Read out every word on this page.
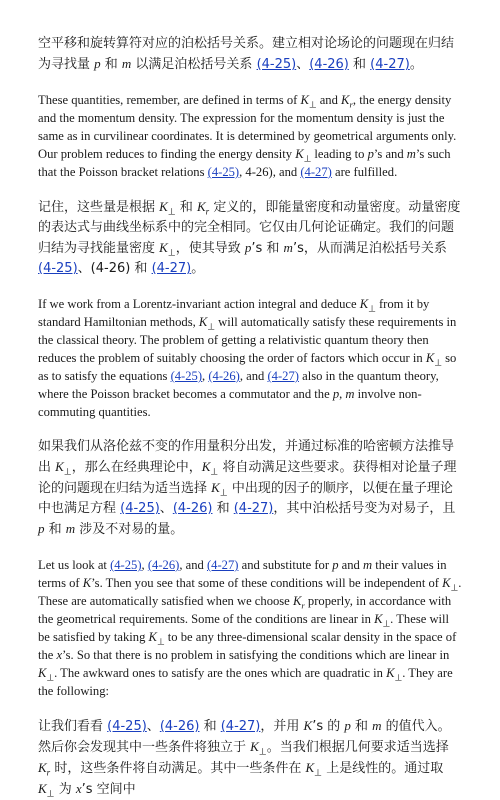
空平移和旋转算符对应的泊松括号关系。建立相对论场论的问题现在归结为寻找量 p 和 m 以满足泊松括号关系 (4-25)、(4-26) 和 (4-27)。

These quantities, remember, are defined in terms of $K_\perp$ and $K_r$, the energy density and the momentum density. The expression for the momentum density is just the same as in curvilinear coordinates. It is determined by geometrical arguments only. Our problem reduces to finding the energy density $K_\perp$ leading to p’s and m’s such that the Poisson bracket relations (4-25), 4-26), and (4-27) are fulfilled.

记住，这些量是根据 $K_\perp$ 和 $K_r$ 定义的，即能量密度和动量密度。动量密度的表达式与曲线坐标系中的完全相同。它仅由几何论证确定。我们的问题归结为寻找能量密度 $K_\perp$，使其导致 p’s 和 m’s，从而满足泊松括号关系 (4-25)、(4-26) 和 (4-27)。

If we work from a Lorentz-invariant action integral and deduce $K_\perp$ from it by standard Hamiltonian methods, $K_\perp$ will automatically satisfy these requirements in the classical theory. The problem of getting a relativistic quantum theory then reduces the problem of suitably choosing the order of factors which occur in $K_\perp$ so as to satisfy the equations (4-25), (4-26), and (4-27) also in the quantum theory, where the Poisson bracket becomes a commutator and the p, m involve non-commuting quantities.

如果我们从洛伦兹不变的作用量积分出发，并通过标准的哈密顿方法推导出 $K_\perp$，那么在经典理论中，$K_\perp$ 将自动满足这些要求。获得相对论量子理论的问题现在归结为适当选择 $K_\perp$ 中出现的因子的顺序，以便在量子理论中也满足方程 (4-25)、(4-26) 和 (4-27)，其中泊松括号变为对易子，且 p 和 m 涉及不对易的量。

Let us look at (4-25), (4-26), and (4-27) and substitute for p and m their values in terms of K’s. Then you see that some of these conditions will be independent of $K_\perp$. These are automatically satisfied when we choose $K_r$ properly, in accordance with the geometrical requirements. Some of the conditions are linear in $K_\perp$. These will be satisfied by taking $K_\perp$ to be any three-dimensional scalar density in the space of the x’s. So that there is no problem in satisfying the conditions which are linear in $K_\perp$. The awkward ones to satisfy are the ones which are quadratic in $K_\perp$. They are the following:

让我们看看 (4-25)、(4-26) 和 (4-27)，并用 K’s 的 p 和 m 的值代入。然后你会发现其中一些条件将独立于 $K_\perp$。当我们根据几何要求适当选择 $K_r$ 时，这些条件将自动满足。其中一些条件在 $K_\perp$ 上是线性的。通过取 $K_\perp$ 为 x’s 空间中
